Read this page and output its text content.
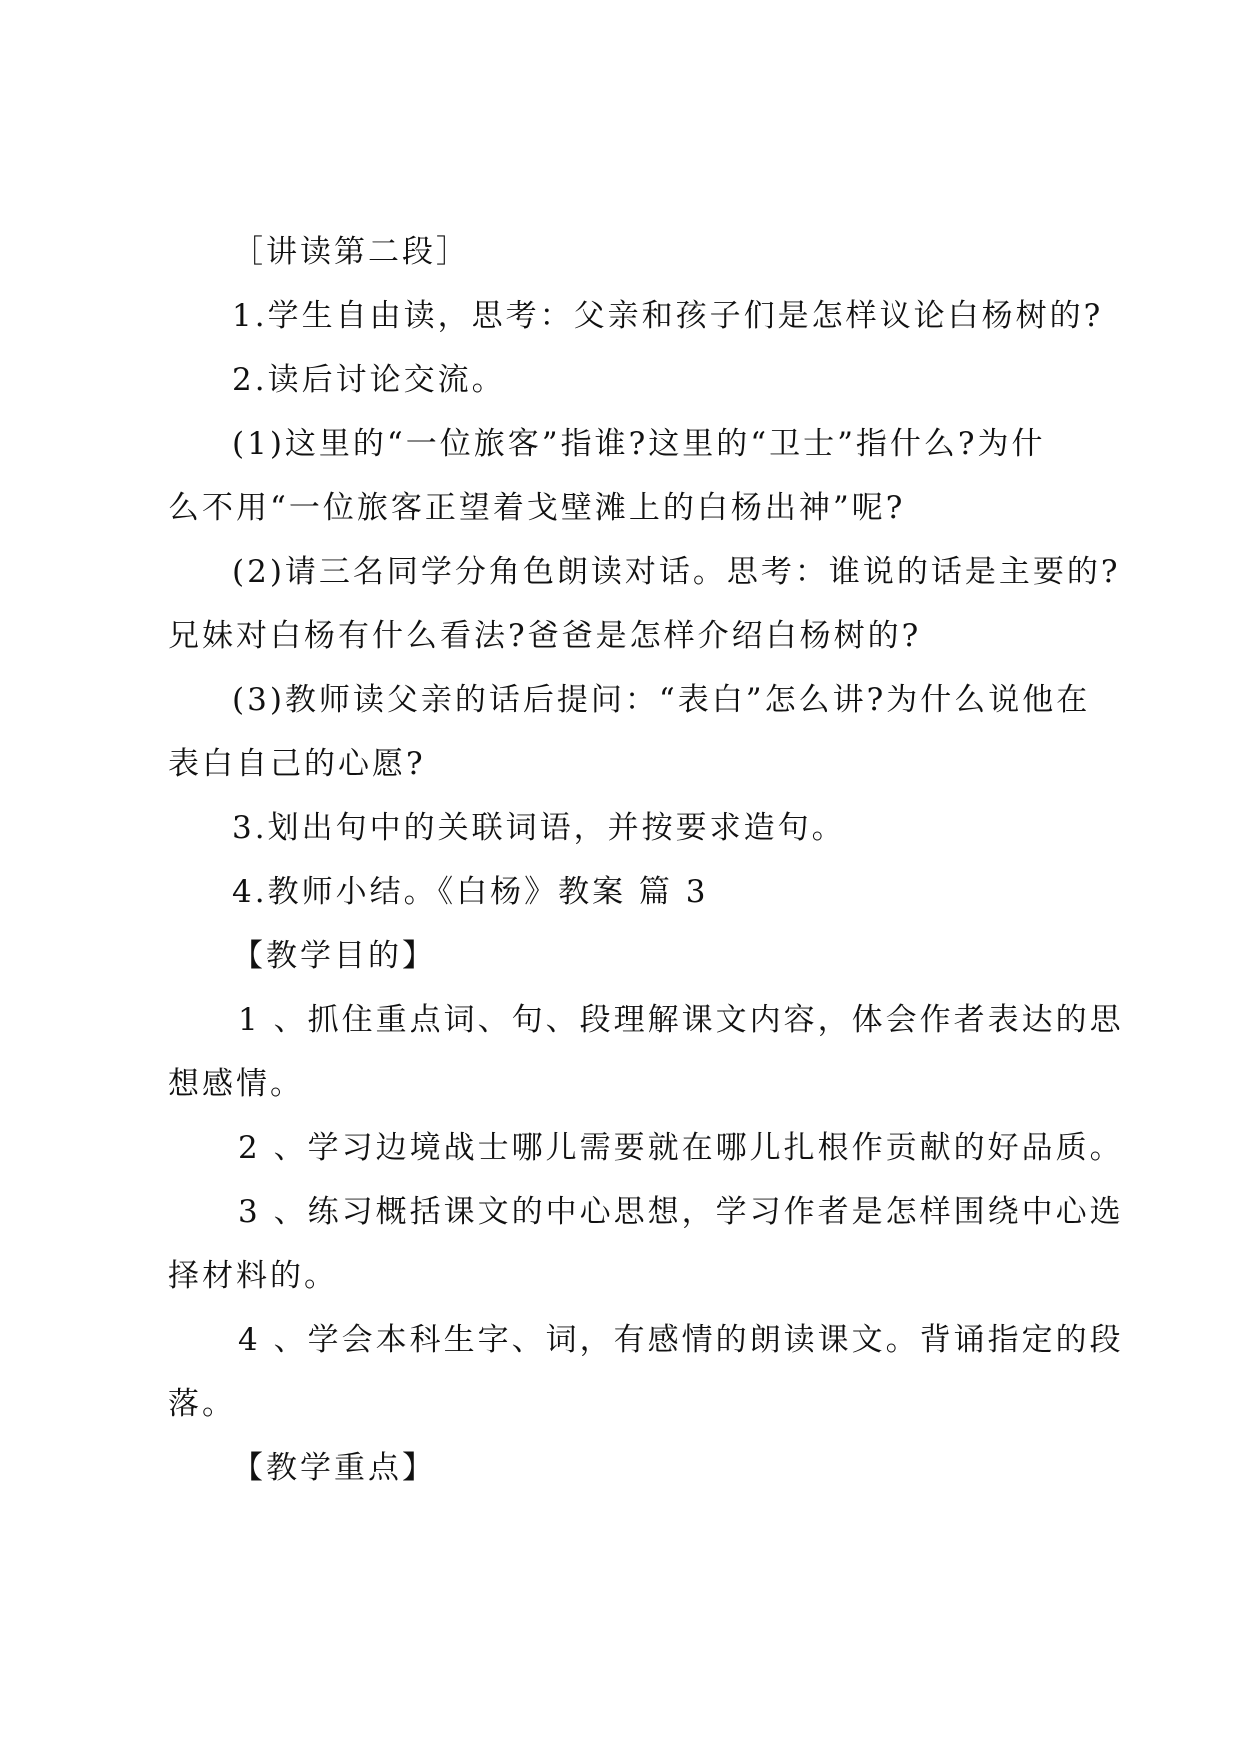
［讲读第二段］
1.学生自由读，思考：父亲和孩子们是怎样议论白杨树的?
2.读后讨论交流。
(1)这里的“一位旅客”指谁?这里的“卫士”指什么?为什
么不用“一位旅客正望着戈壁滩上的白杨出神”呢?
(2)请三名同学分角色朗读对话。思考：谁说的话是主要的?
兄妹对白杨有什么看法?爸爸是怎样介绍白杨树的?
(3)教师读父亲的话后提问：“表白”怎么讲?为什么说他在
表白自己的心愿?
3.划出句中的关联词语，并按要求造句。
4.教师小结。《白杨》教案 篇 3
【教学目的】
1 、抓住重点词、句、段理解课文内容，体会作者表达的思
想感情。
2 、学习边境战士哪儿需要就在哪儿扎根作贡献的好品质。
3 、练习概括课文的中心思想，学习作者是怎样围绕中心选
择材料的。
4 、学会本科生字、词，有感情的朗读课文。背诵指定的段
落。
【教学重点】
